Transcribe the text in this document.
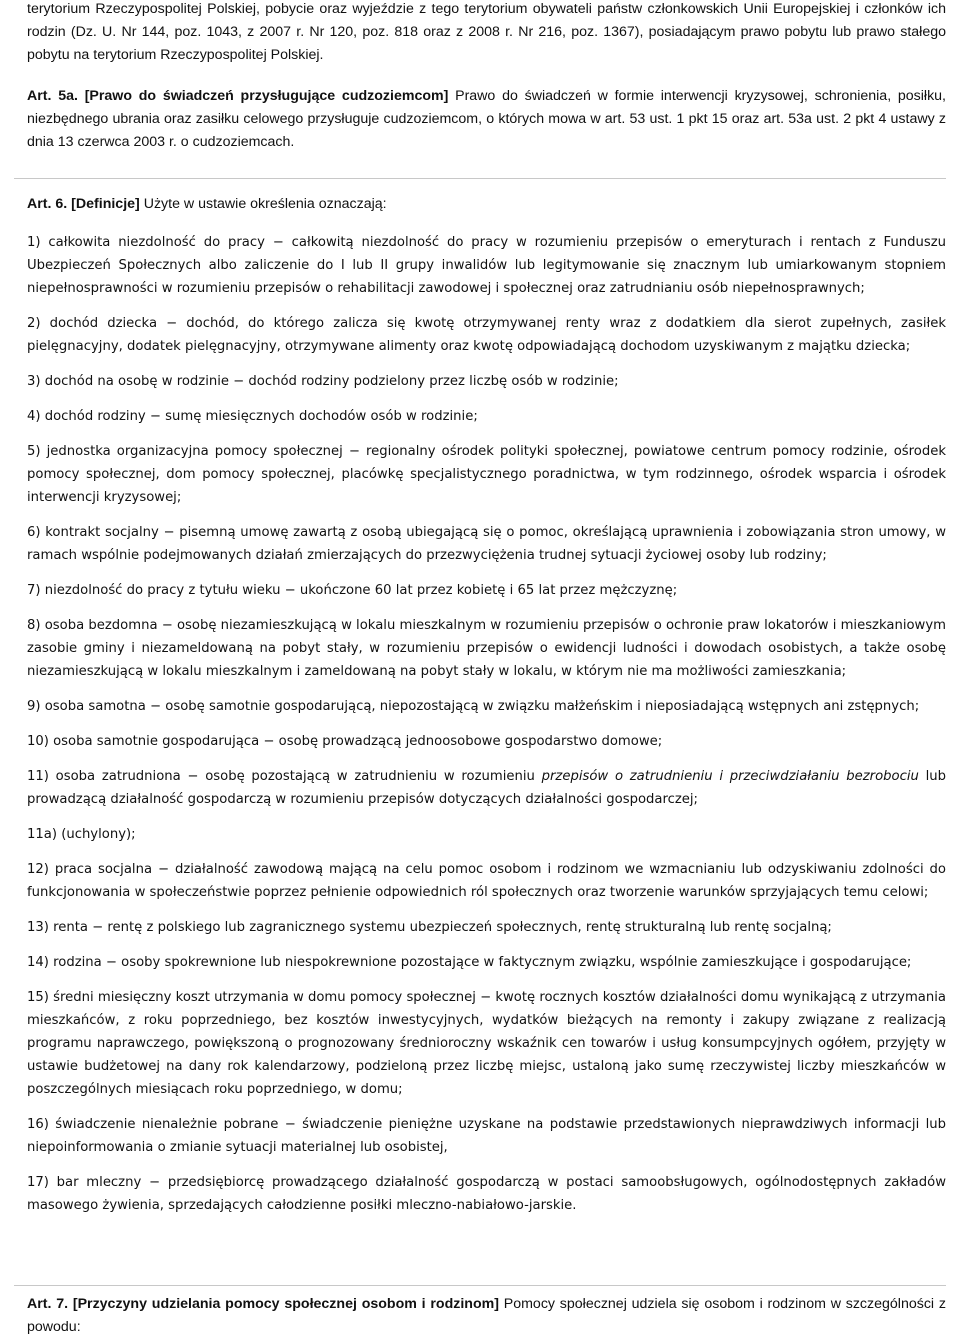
terytorium Rzeczypospolitej Polskiej, pobycie oraz wyjeździe z tego terytorium obywateli państw członkowskich Unii Europejskiej i członków ich rodzin (Dz. U. Nr 144, poz. 1043, z 2007 r. Nr 120, poz. 818 oraz z 2008 r. Nr 216, poz. 1367), posiadającym prawo pobytu lub prawo stałego pobytu na terytorium Rzeczypospolitej Polskiej.

Art. 5a. [Prawo do świadczeń przysługujące cudzoziemcom] Prawo do świadczeń w formie interwencji kryzysowej, schronienia, posiłku, niezbędnego ubrania oraz zasiłku celowego przysługuje cudzoziemcom, o których mowa w art. 53 ust. 1 pkt 15 oraz art. 53a ust. 2 pkt 4 ustawy z dnia 13 czerwca 2003 r. o cudzoziemcach.

Art. 6. [Definicje] Użyte w ustawie określenia oznaczają:

1) całkowita niezdolność do pracy − całkowitą niezdolność do pracy w rozumieniu przepisów o emeryturach i rentach z Funduszu Ubezpieczeń Społecznych albo zaliczenie do I lub II grupy inwalidów lub legitymowanie się znacznym lub umiarkowanym stopniem niepełnosprawności w rozumieniu przepisów o rehabilitacji zawodowej i społecznej oraz zatrudnianiu osób niepełnosprawnych;

2) dochód dziecka − dochód, do którego zalicza się kwotę otrzymywanej renty wraz z dodatkiem dla sierot zupełnych, zasiłek pielęgnacyjny, dodatek pielęgnacyjny, otrzymywane alimenty oraz kwotę odpowiadającą dochodom uzyskiwanym z majątku dziecka;

3) dochód na osobę w rodzinie − dochód rodziny podzielony przez liczbę osób w rodzinie;

4) dochód rodziny − sumę miesięcznych dochodów osób w rodzinie;

5) jednostka organizacyjna pomocy społecznej − regionalny ośrodek polityki społecznej, powiatowe centrum pomocy rodzinie, ośrodek pomocy społecznej, dom pomocy społecznej, placówkę specjalistycznego poradnictwa, w tym rodzinnego, ośrodek wsparcia i ośrodek interwencji kryzysowej;

6) kontrakt socjalny − pisemną umowę zawartą z osobą ubiegającą się o pomoc, określającą uprawnienia i zobowiązania stron umowy, w ramach wspólnie podejmowanych działań zmierzających do przezwyciężenia trudnej sytuacji życiowej osoby lub rodziny;

7) niezdolność do pracy z tytułu wieku − ukończone 60 lat przez kobietę i 65 lat przez mężczyznę;

8) osoba bezdomna − osobę niezamieszkującą w lokalu mieszkalnym w rozumieniu przepisów o ochronie praw lokatorów i mieszkaniowym zasobie gminy i niezameldowaną na pobyt stały, w rozumieniu przepisów o ewidencji ludności i dowodach osobistych, a także osobę niezamieszkującą w lokalu mieszkalnym i zameldowaną na pobyt stały w lokalu, w którym nie ma możliwości zamieszkania;

9) osoba samotna − osobę samotnie gospodarującą, niepozostającą w związku małżeńskim i nieposiadającą wstępnych ani zstępnych;

10) osoba samotnie gospodarująca − osobę prowadzącą jednoosobowe gospodarstwo domowe;

11) osoba zatrudniona − osobę pozostającą w zatrudnieniu w rozumieniu przepisów o zatrudnieniu i przeciwdziałaniu bezrobociu lub prowadzącą działalność gospodarczą w rozumieniu przepisów dotyczących działalności gospodarczej;

11a) (uchylony);

12) praca socjalna − działalność zawodową mającą na celu pomoc osobom i rodzinom we wzmacnianiu lub odzyskiwaniu zdolności do funkcjonowania w społeczeństwie poprzez pełnienie odpowiednich ról społecznych oraz tworzenie warunków sprzyjających temu celowi;

13) renta − rentę z polskiego lub zagranicznego systemu ubezpieczeń społecznych, rentę strukturalną lub rentę socjalną;

14) rodzina − osoby spokrewnione lub niespokrewnione pozostające w faktycznym związku, wspólnie zamieszkujące i gospodarujące;

15) średni miesięczny koszt utrzymania w domu pomocy społecznej − kwotę rocznych kosztów działalności domu wynikającą z utrzymania mieszkańców, z roku poprzedniego, bez kosztów inwestycyjnych, wydatków bieżących na remonty i zakupy związane z realizacją programu naprawczego, powiększoną o prognozowany średnioroczny wskaźnik cen towarów i usług konsumpcyjnych ogółem, przyjęty w ustawie budżetowej na dany rok kalendarzowy, podzieloną przez liczbę miejsc, ustaloną jako sumę rzeczywistej liczby mieszkańców w poszczególnych miesiącach roku poprzedniego, w domu;

16) świadczenie nienależnie pobrane − świadczenie pieniężne uzyskane na podstawie przedstawionych nieprawdziwych informacji lub niepoinformowania o zmianie sytuacji materialnej lub osobistej,

17) bar mleczny − przedsiębiorcę prowadzącego działalność gospodarczą w postaci samoobsługowych, ogólnodostępnych zakładów masowego żywienia, sprzedających całodzienne posiłki mleczno-nabiałowo-jarskie.

Art. 7. [Przyczyny udzielania pomocy społecznej osobom i rodzinom] Pomocy społecznej udziela się osobom i rodzinom w szczególności z powodu:
